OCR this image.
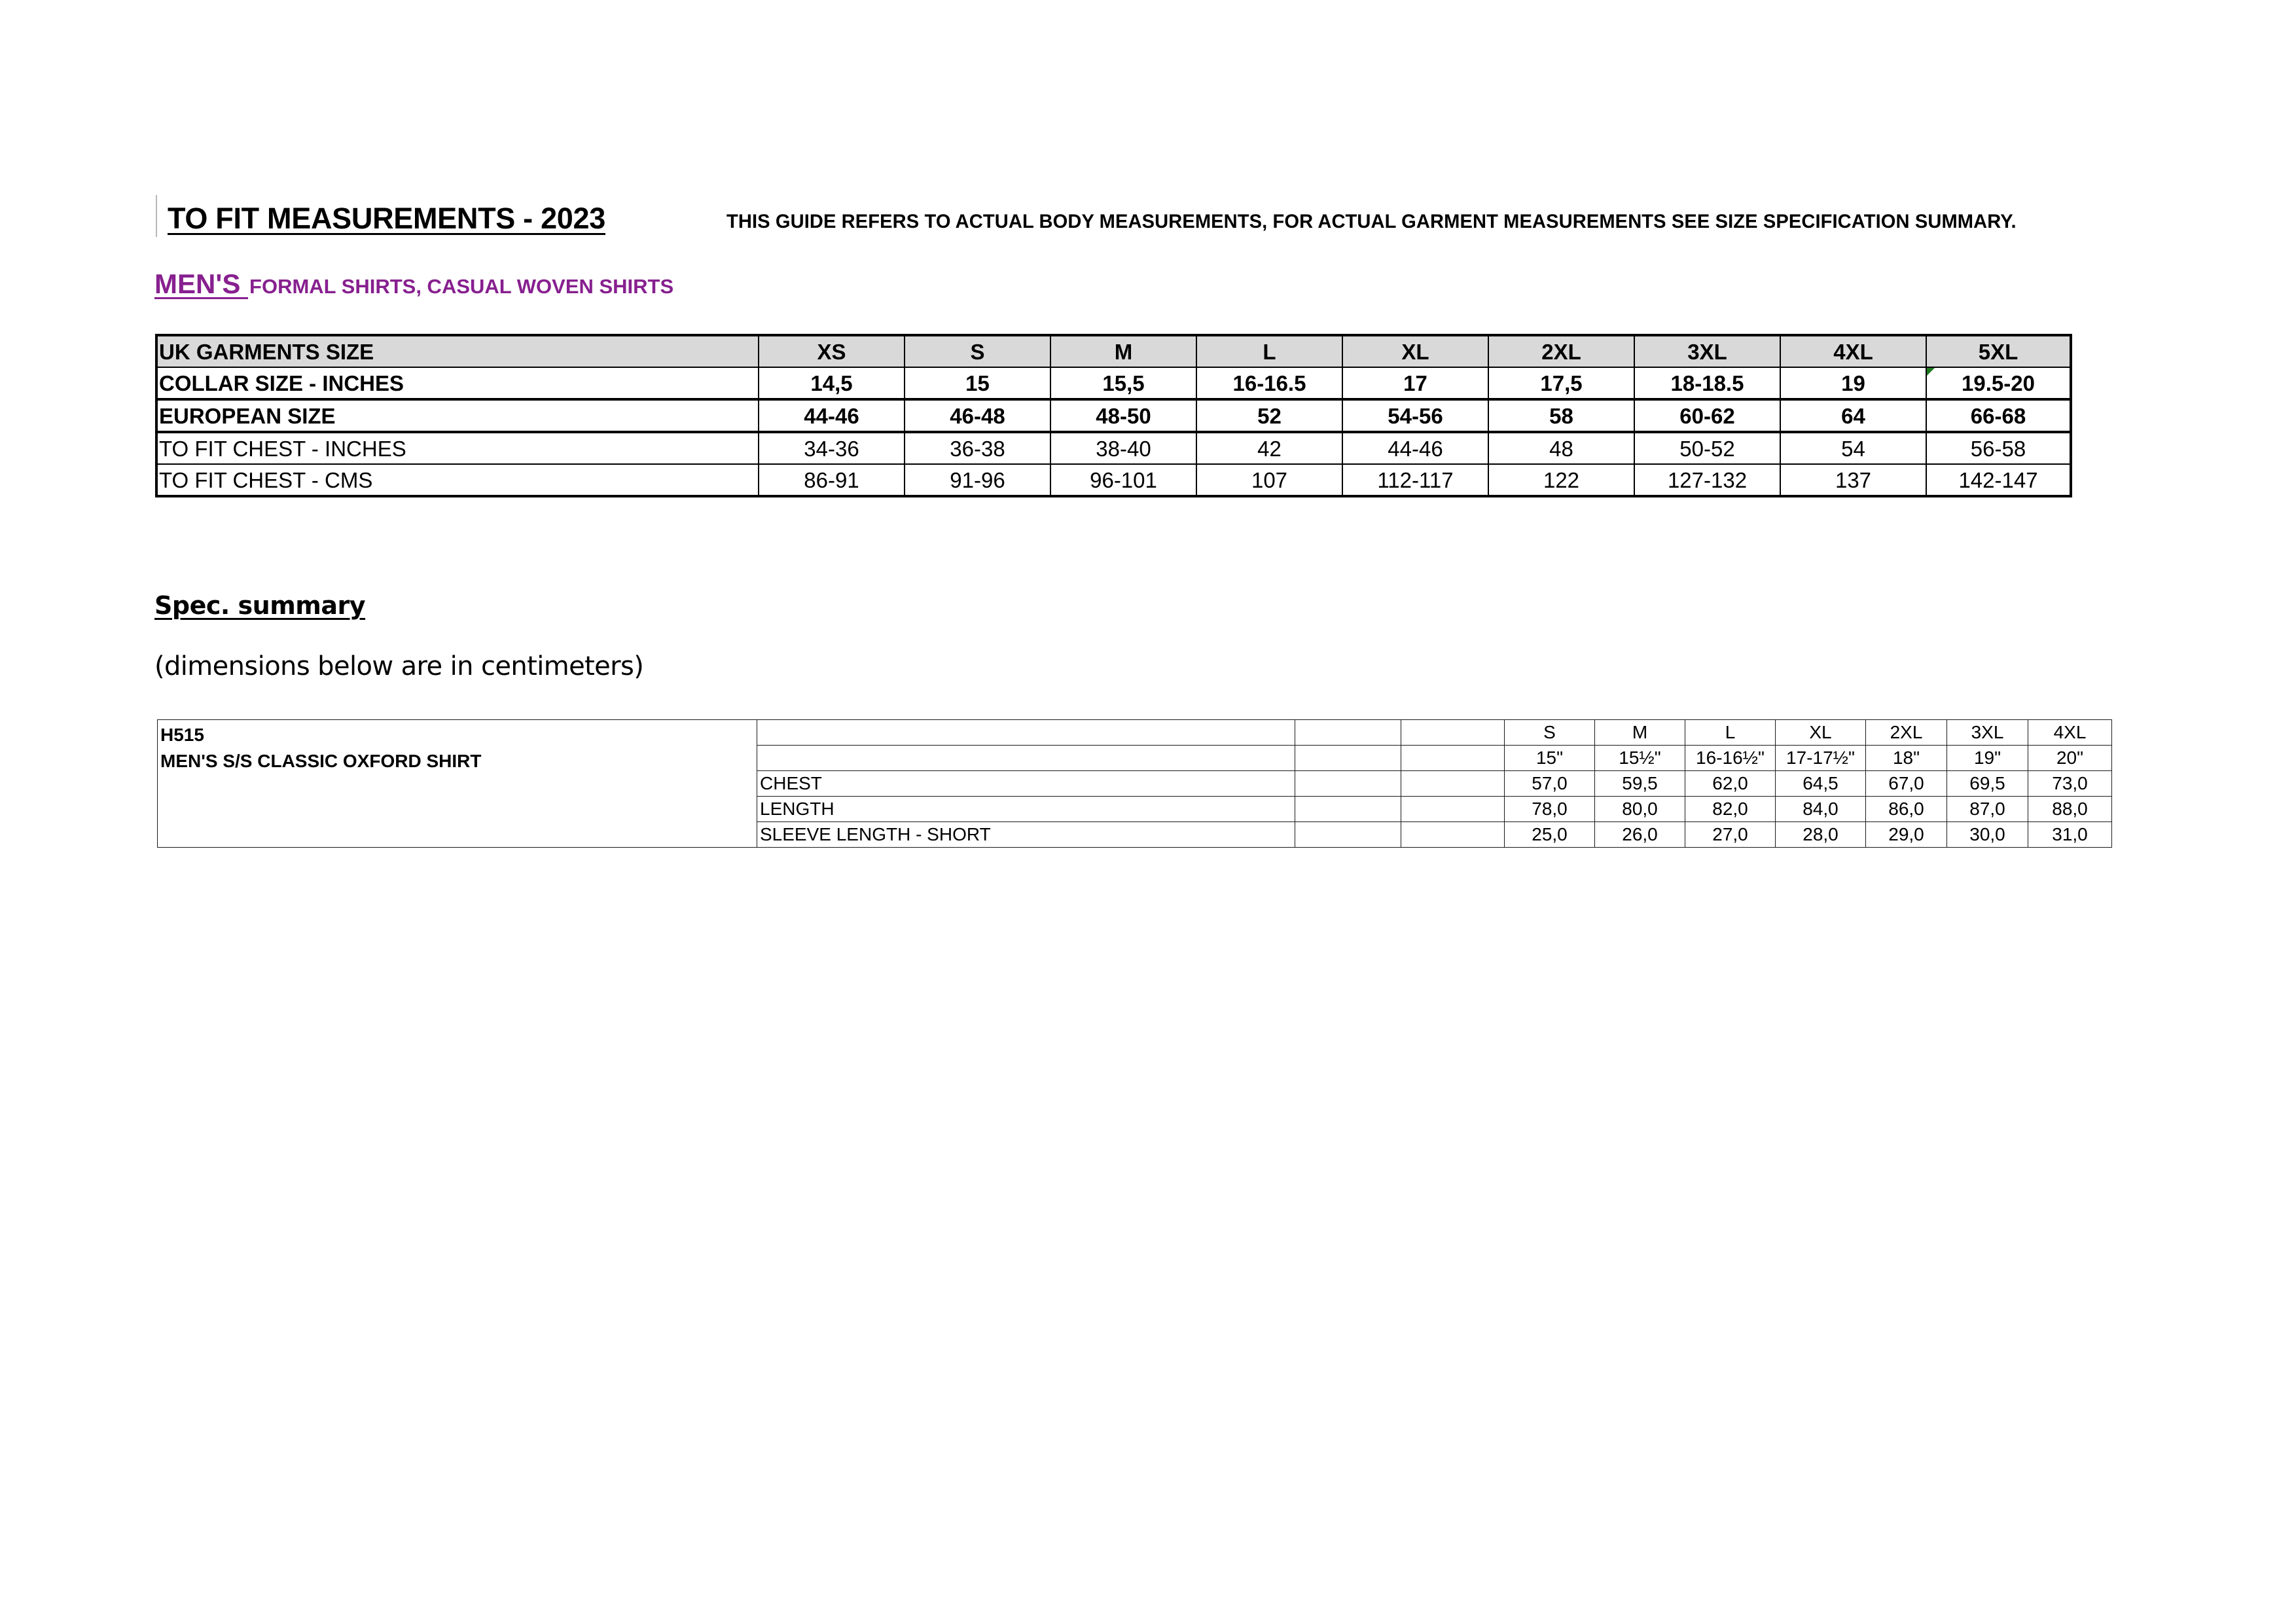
TO FIT MEASUREMENTS - 2023	THIS GUIDE REFERS TO ACTUAL BODY MEASUREMENTS, FOR ACTUAL GARMENT MEASUREMENTS SEE SIZE SPECIFICATION SUMMARY.
MEN'S FORMAL SHIRTS, CASUAL WOVEN SHIRTS
UK GARMENTS SIZE	XS	S	M	L	XL	2XL	3XL	4XL	5XL
COLLAR SIZE - INCHES	14,5	15	15,5	16-16.5	17	17,5	18-18.5	19	19.5-20
EUROPEAN SIZE	44-46	46-48	48-50	52	54-56	58	60-62	64	66-68
TO FIT CHEST - INCHES	34-36	36-38	38-40	42	44-46	48	50-52	54	56-58
TO FIT CHEST - CMS	86-91	91-96	96-101	107	112-117	122	127-132	137	142-147
Spec. summary
(dimensions below are in centimeters)
H515
MEN'S S/S CLASSIC OXFORD SHIRT				S	M	L	XL	2XL	3XL	4XL
				15"	15½"	16-16½"	17-17½"	18"	19"	20"
	CHEST			57,0	59,5	62,0	64,5	67,0	69,5	73,0
	LENGTH			78,0	80,0	82,0	84,0	86,0	87,0	88,0
	SLEEVE LENGTH - SHORT			25,0	26,0	27,0	28,0	29,0	30,0	31,0
